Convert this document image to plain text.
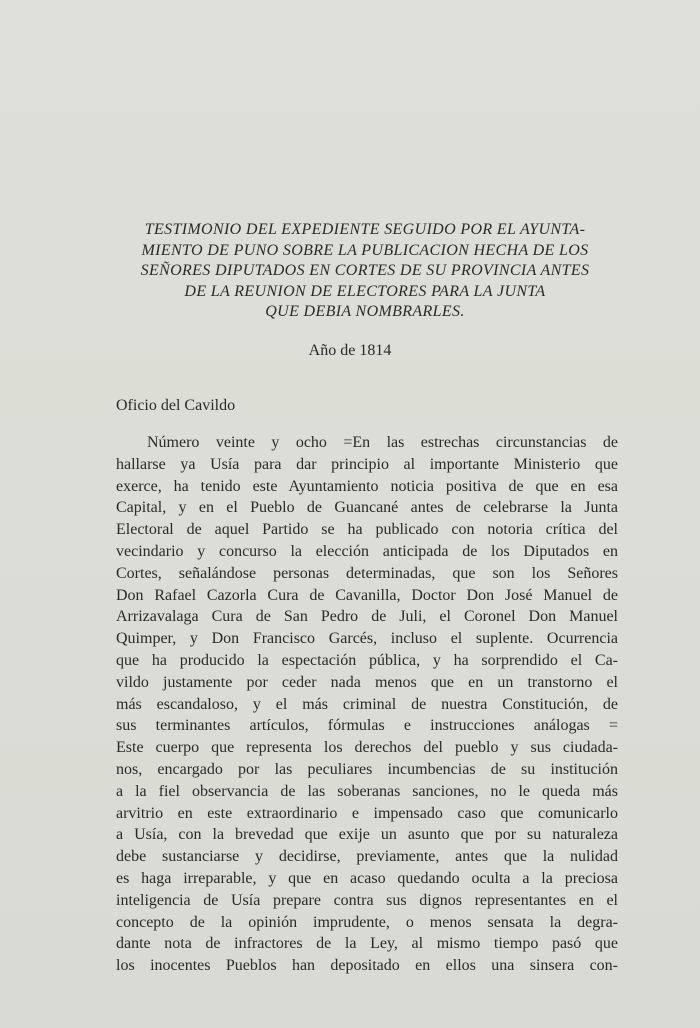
TESTIMONIO DEL EXPEDIENTE SEGUIDO POR EL AYUNTA-
MIENTO DE PUNO SOBRE LA PUBLICACION HECHA DE LOS
SEÑORES DIPUTADOS EN CORTES DE SU PROVINCIA ANTES
DE LA REUNION DE ELECTORES PARA LA JUNTA
QUE DEBIA NOMBRARLES.
Año de 1814
Oficio del Cavildo
Número veinte y ocho =En las estrechas circunstancias de
hallarse ya Usía para dar principio al importante Ministerio que
exerce, ha tenido este Ayuntamiento noticia positiva de que en esa
Capital, y en el Pueblo de Guancané antes de celebrarse la Junta
Electoral de aquel Partido se ha publicado con notoria crítica del
vecindario y concurso la elección anticipada de los Diputados en
Cortes, señalándose personas determinadas, que son los Señores
Don Rafael Cazorla Cura de Cavanilla, Doctor Don José Manuel de
Arrizavalaga Cura de San Pedro de Juli, el Coronel Don Manuel
Quimper, y Don Francisco Garcés, incluso el suplente. Ocurrencia
que ha producido la espectación pública, y ha sorprendido el Ca-
vildo justamente por ceder nada menos que en un transtorno el
más escandaloso, y el más criminal de nuestra Constitución, de
sus terminantes artículos, fórmulas e instrucciones análogas =
Este cuerpo que representa los derechos del pueblo y sus ciudada-
nos, encargado por las peculiares incumbencias de su institución
a la fiel observancia de las soberanas sanciones, no le queda más
arvitrio en este extraordinario e impensado caso que comunicarlo
a Usía, con la brevedad que exije un asunto que por su naturaleza
debe sustanciarse y decidirse, previamente, antes que la nulidad
es haga irreparable, y que en acaso quedando oculta a la preciosa
inteligencia de Usía prepare contra sus dignos representantes en el
concepto de la opinión imprudente, o menos sensata la degra-
dante nota de infractores de la Ley, al mismo tiempo pasó que
los inocentes Pueblos han depositado en ellos una sinsera con-
